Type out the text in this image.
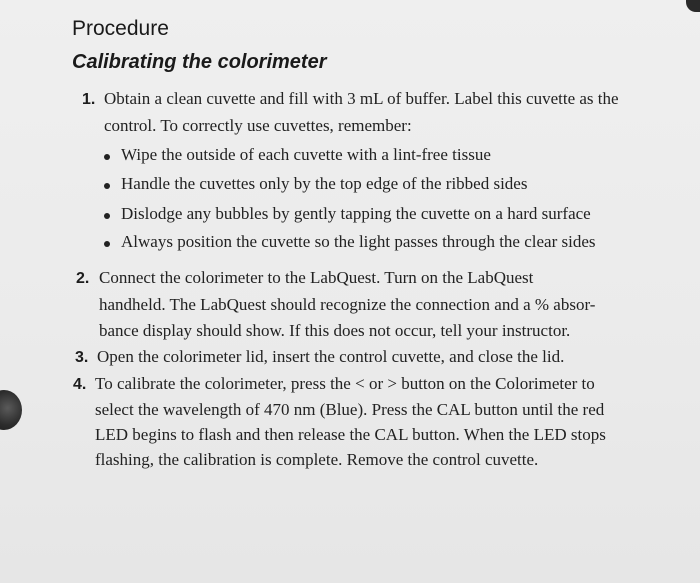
Procedure
Calibrating the colorimeter
1. Obtain a clean cuvette and fill with 3 mL of buffer. Label this cuvette as the
control. To correctly use cuvettes, remember:
Wipe the outside of each cuvette with a lint-free tissue
Handle the cuvettes only by the top edge of the ribbed sides
Dislodge any bubbles by gently tapping the cuvette on a hard surface
Always position the cuvette so the light passes through the clear sides
2. Connect the colorimeter to the LabQuest. Turn on the LabQuest
handheld. The LabQuest should recognize the connection and a % absor-
bance display should show. If this does not occur, tell your instructor.
3. Open the colorimeter lid, insert the control cuvette, and close the lid.
4. To calibrate the colorimeter, press the < or > button on the Colorimeter to
select the wavelength of 470 nm (Blue). Press the CAL button until the red
LED begins to flash and then release the CAL button. When the LED stops
flashing, the calibration is complete. Remove the control cuvette.
